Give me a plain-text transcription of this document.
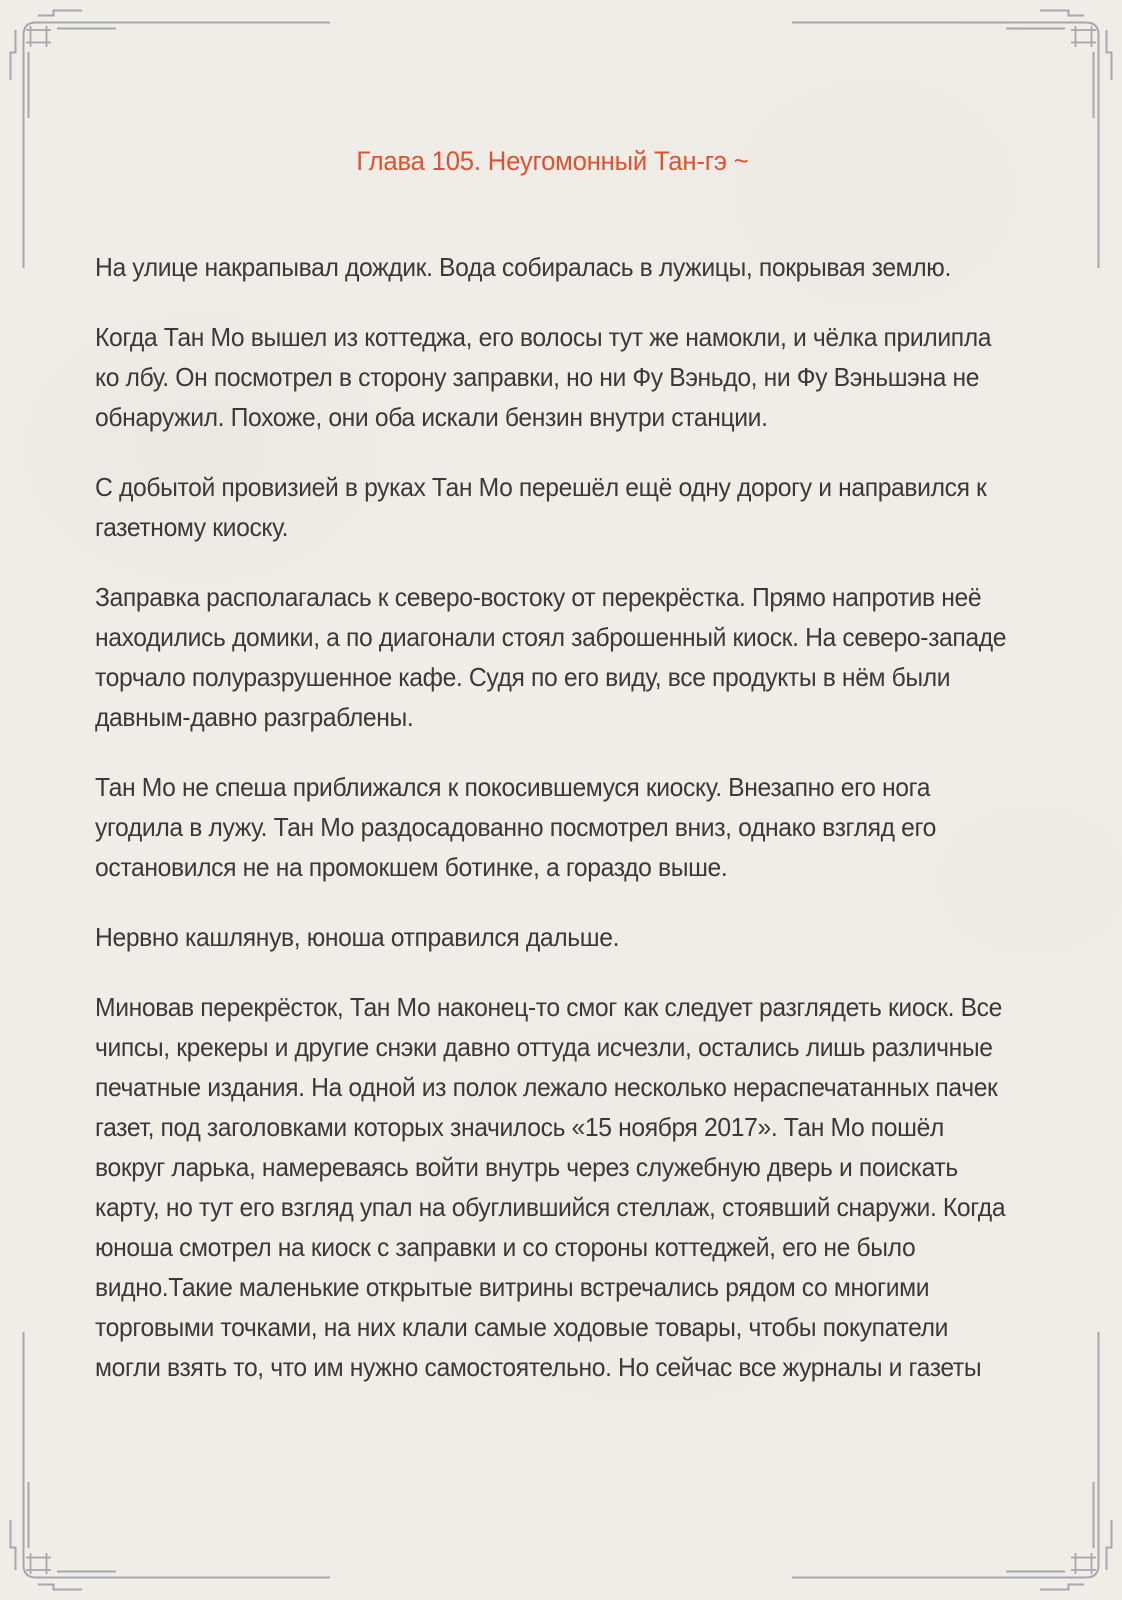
Глава 105. Неугомонный Тан-гэ ~

На улице накрапывал дождик. Вода собиралась в лужицы, покрывая землю.

Когда Тан Мо вышел из коттеджа, его волосы тут же намокли, и чёлка прилипла ко лбу. Он посмотрел в сторону заправки, но ни Фу Вэньдо, ни Фу Вэньшэна не обнаружил. Похоже, они оба искали бензин внутри станции.

С добытой провизией в руках Тан Мо перешёл ещё одну дорогу и направился к газетному киоску.

Заправка располагалась к северо-востоку от перекрёстка. Прямо напротив неё находились домики, а по диагонали стоял заброшенный киоск. На северо-западе торчало полуразрушенное кафе. Судя по его виду, все продукты в нём были давным-давно разграблены.

Тан Мо не спеша приближался к покосившемуся киоску. Внезапно его нога угодила в лужу. Тан Мо раздосадованно посмотрел вниз, однако взгляд его остановился не на промокшем ботинке, а гораздо выше.

Нервно кашлянув, юноша отправился дальше.

Миновав перекрёсток, Тан Мо наконец-то смог как следует разглядеть киоск. Все чипсы, крекеры и другие снэки давно оттуда исчезли, остались лишь различные печатные издания. На одной из полок лежало несколько нераспечатанных пачек газет, под заголовками которых значилось «15 ноября 2017». Тан Мо пошёл вокруг ларька, намереваясь войти внутрь через служебную дверь и поискать карту, но тут его взгляд упал на обуглившийся стеллаж, стоявший снаружи. Когда юноша смотрел на киоск с заправки и со стороны коттеджей, его не было видно.Такие маленькие открытые витрины встречались рядом со многими торговыми точками, на них клали самые ходовые товары, чтобы покупатели могли взять то, что им нужно самостоятельно. Но сейчас все журналы и газеты
